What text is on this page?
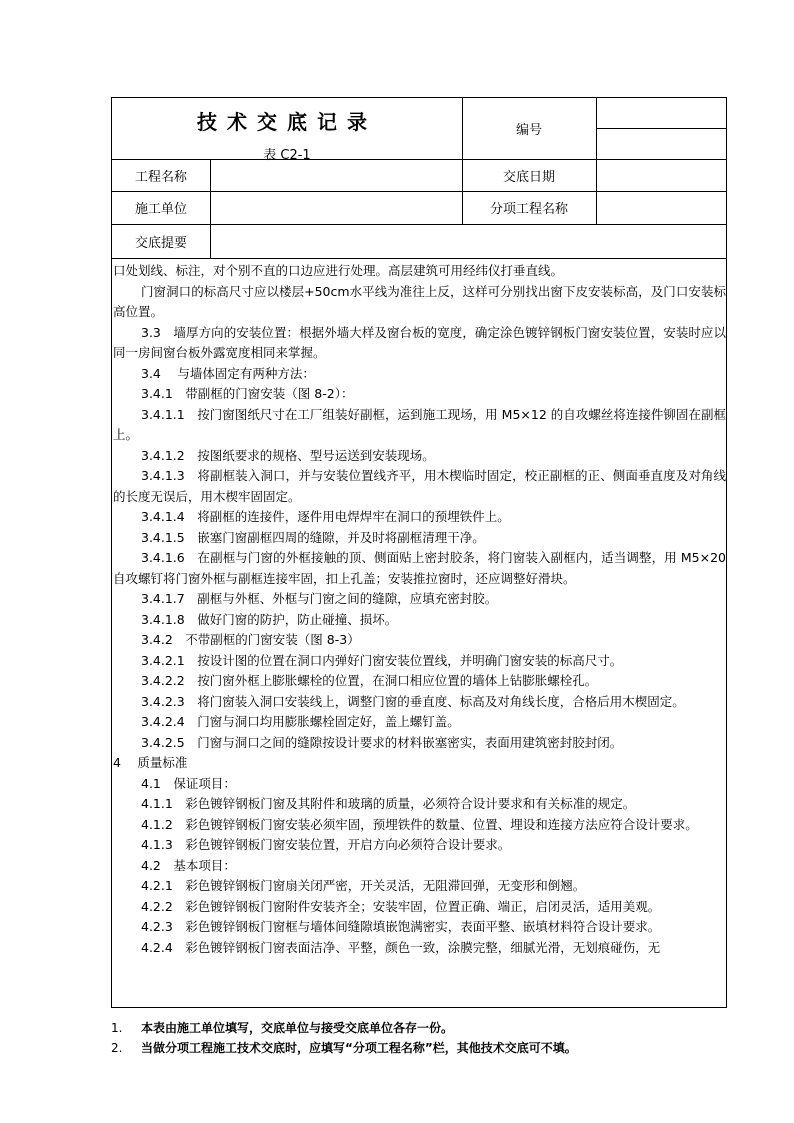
技术交底记录
表 C2-1
编号
工程名称	交底日期
施工单位	分项工程名称
交底提要

口处划线、标注，对个别不直的口边应进行处理。高层建筑可用经纬仪打垂直线。

门窗洞口的标高尺寸应以楼层+50cm水平线为准往上反，这样可分别找出窗下皮安装标高，及门口安装标高位置。

3.3　墙厚方向的安装位置：根据外墙大样及窗台板的宽度，确定涂色镀锌钢板门窗安装位置，安装时应以同一房间窗台板外露宽度相同来掌握。

3.4　 与墙体固定有两种方法：

3.4.1　带副框的门窗安装（图 8-2）：

3.4.1.1　按门窗图纸尺寸在工厂组装好副框，运到施工现场，用 M5×12 的自攻螺丝将连接件铆固在副框上。

3.4.1.2　按图纸要求的规格、型号运送到安装现场。

3.4.1.3　将副框装入洞口，并与安装位置线齐平，用木楔临时固定，校正副框的正、侧面垂直度及对角线的长度无误后，用木楔牢固固定。

3.4.1.4　将副框的连接件，逐件用电焊焊牢在洞口的预埋铁件上。

3.4.1.5　嵌塞门窗副框四周的缝隙，并及时将副框清理干净。

3.4.1.6　在副框与门窗的外框接触的顶、侧面贴上密封胶条，将门窗装入副框内，适当调整，用 M5×20 自攻螺钉将门窗外框与副框连接牢固，扣上孔盖；安装推拉窗时，还应调整好滑块。

3.4.1.7　副框与外框、外框与门窗之间的缝隙，应填充密封胶。

3.4.1.8　做好门窗的防护，防止碰撞、损坏。

3.4.2　不带副框的门窗安装（图 8-3）

3.4.2.1　按设计图的位置在洞口内弹好门窗安装位置线，并明确门窗安装的标高尺寸。

3.4.2.2　按门窗外框上膨胀螺栓的位置，在洞口相应位置的墙体上钻膨胀螺栓孔。

3.4.2.3　将门窗装入洞口安装线上，调整门窗的垂直度、标高及对角线长度，合格后用木楔固定。

3.4.2.4　门窗与洞口均用膨胀螺栓固定好，盖上螺钉盖。

3.4.2.5　门窗与洞口之间的缝隙按设计要求的材料嵌塞密实，表面用建筑密封胶封闭。

4　 质量标准

4.1　保证项目：

4.1.1　彩色镀锌钢板门窗及其附件和玻璃的质量，必须符合设计要求和有关标准的规定。

4.1.2　彩色镀锌钢板门窗安装必须牢固，预埋铁件的数量、位置、埋设和连接方法应符合设计要求。

4.1.3　彩色镀锌钢板门窗安装位置，开启方向必须符合设计要求。

4.2　基本项目：

4.2.1　彩色镀锌钢板门窗扇关闭严密，开关灵活，无阻滞回弹，无变形和倒翘。

4.2.2　彩色镀锌钢板门窗附件安装齐全；安装牢固，位置正确、端正，启闭灵活，适用美观。

4.2.3　彩色镀锌钢板门窗框与墙体间缝隙填嵌饱满密实，表面平整、嵌填材料符合设计要求。

4.2.4　彩色镀锌钢板门窗表面洁净、平整，颜色一致，涂膜完整，细腻光滑，无划痕碰伤，无

1. 本表由施工单位填写，交底单位与接受交底单位各存一份。
2. 当做分项工程施工技术交底时，应填写“分项工程名称”栏，其他技术交底可不填。
